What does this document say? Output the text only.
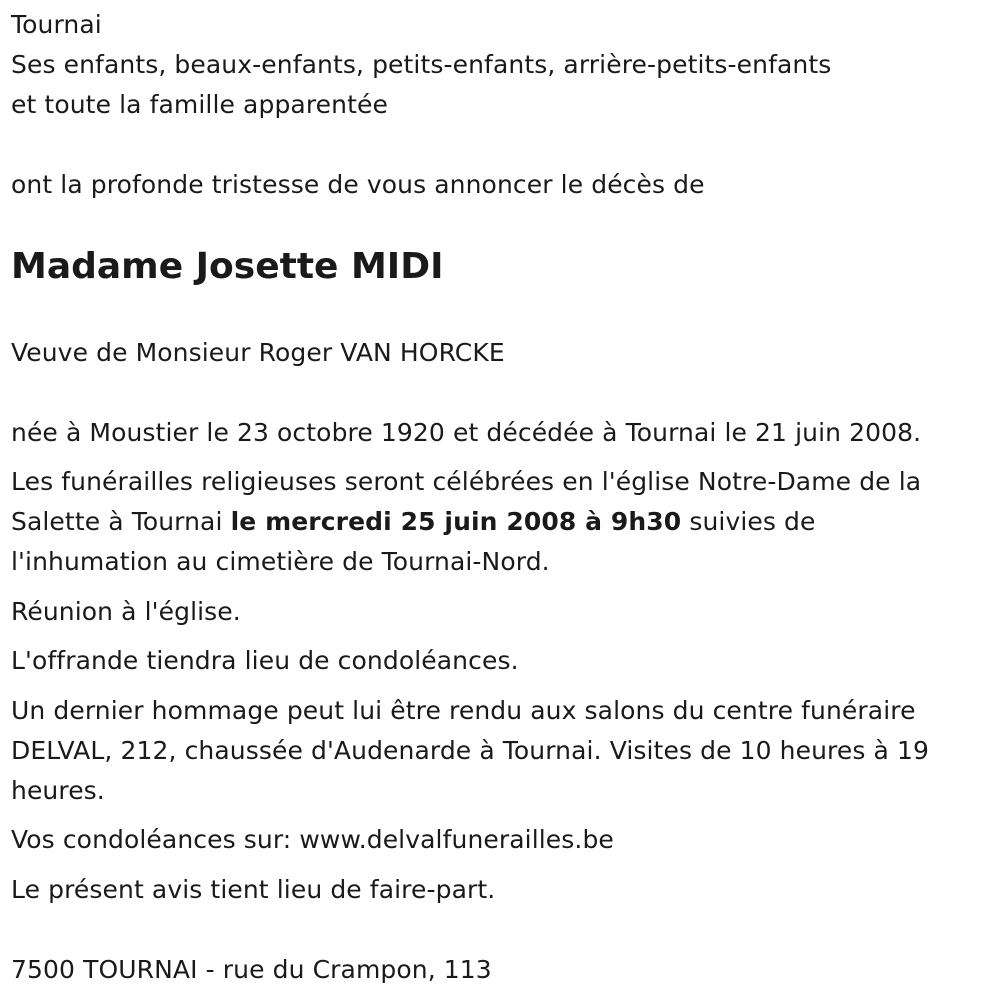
Tournai

Ses enfants, beaux-enfants, petits-enfants, arrière-petits-enfants

et toute la famille apparentée

ont la profonde tristesse de vous annoncer le décès de

Madame Josette MIDI

Veuve de Monsieur Roger VAN HORCKE

née à Moustier le 23 octobre 1920 et décédée à Tournai le 21 juin 2008.

Les funérailles religieuses seront célébrées en l'église Notre-Dame de la

Salette à Tournai le mercredi 25 juin 2008 à 9h30 suivies de

l'inhumation au cimetière de Tournai-Nord.

Réunion à l'église.

L'offrande tiendra lieu de condoléances.

Un dernier hommage peut lui être rendu aux salons du centre funéraire

DELVAL, 212, chaussée d'Audenarde à Tournai. Visites de 10 heures à 19

heures.

Vos condoléances sur: www.delvalfunerailles.be

Le présent avis tient lieu de faire-part.

7500 TOURNAI - rue du Crampon, 113
